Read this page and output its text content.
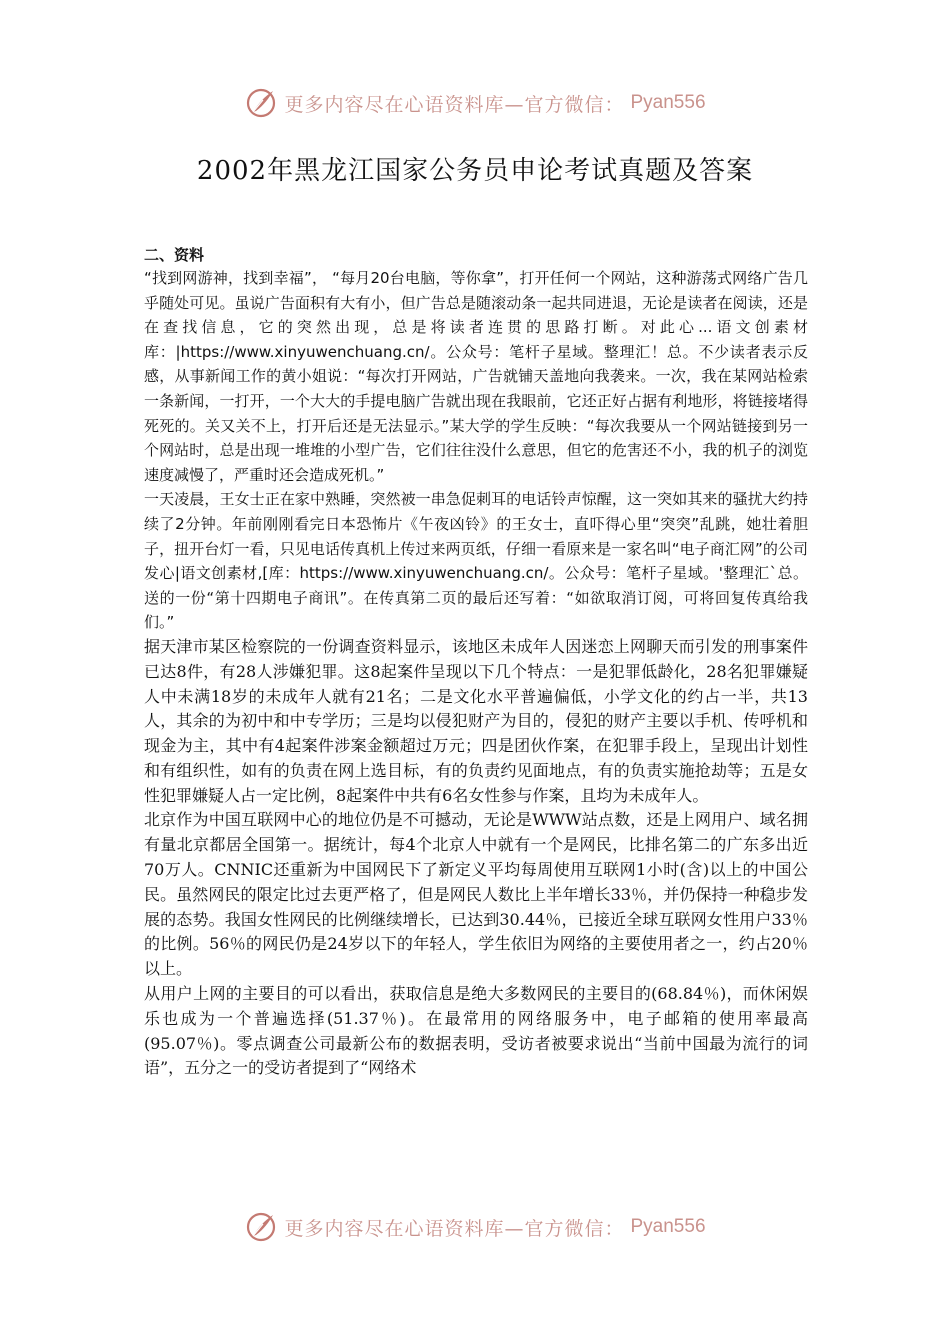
更多内容尽在心语资料库—官方微信： Pyan556
2002年黑龙江国家公务员申论考试真题及答案

二、资料

“找到网游神，找到幸福”， “每月20台电脑，等你拿”，打开任何一个网站，这种游荡式网络广告几乎随处可见。虽说广告面积有大有小，但广告总是随滚动条一起共同进退，无论是读者在阅读，还是在查找信息，它的突然出现，总是将读者连贯的思路打断。对此心...语文创素材库：|https://www.xinyuwenchuang.cn/。公众号：笔杆子星域。整理汇！总。不少读者表示反感，从事新闻工作的黄小姐说：“每次打开网站，广告就铺天盖地向我袭来。一次，我在某网站检索一条新闻，一打开，一个大大的手提电脑广告就出现在我眼前，它还正好占据有利地形，将链接堵得死死的。关又关不上，打开后还是无法显示。”某大学的学生反映：“每次我要从一个网站链接到另一个网站时，总是出现一堆堆的小型广告，它们往往没什么意思，但它的危害还不小，我的机子的浏览速度减慢了，严重时还会造成死机。”

一天凌晨，王女士正在家中熟睡，突然被一串急促刺耳的电话铃声惊醒，这一突如其来的骚扰大约持续了2分钟。年前刚刚看完日本恐怖片《午夜凶铃》的王女士，直吓得心里“突突”乱跳，她壮着胆子，扭开台灯一看，只见电话传真机上传过来两页纸，仔细一看原来是一家名叫“电子商汇网”的公司发心|语文创素材,[库：https://www.xinyuwenchuang.cn/。公众号：笔杆子星域。'整理汇`总。送的一份“第十四期电子商讯”。在传真第二页的最后还写着：“如欲取消订阅，可将回复传真给我们。”

据天津市某区检察院的一份调查资料显示，该地区未成年人因迷恋上网聊天而引发的刑事案件已达8件，有28人涉嫌犯罪。这8起案件呈现以下几个特点：一是犯罪低龄化，28名犯罪嫌疑人中未满18岁的未成年人就有21名；二是文化水平普遍偏低，小学文化的约占一半，共13人，其余的为初中和中专学历；三是均以侵犯财产为目的，侵犯的财产主要以手机、传呼机和现金为主，其中有4起案件涉案金额超过万元；四是团伙作案，在犯罪手段上，呈现出计划性和有组织性，如有的负责在网上选目标，有的负责约见面地点，有的负责实施抢劫等；五是女性犯罪嫌疑人占一定比例，8起案件中共有6名女性参与作案，且均为未成年人。

北京作为中国互联网中心的地位仍是不可撼动，无论是WWW站点数，还是上网用户、域名拥有量北京都居全国第一。据统计，每4个北京人中就有一个是网民，比排名第二的广东多出近70万人。CNNIC还重新为中国网民下了新定义平均每周使用互联网1小时(含)以上的中国公民。虽然网民的限定比过去更严格了，但是网民人数比上半年增长33％，并仍保持一种稳步发展的态势。我国女性网民的比例继续增长，已达到30.44％，已接近全球互联网女性用户33％的比例。56％的网民仍是24岁以下的年轻人，学生依旧为网络的主要使用者之一，约占20％以上。

从用户上网的主要目的可以看出，获取信息是绝大多数网民的主要目的(68.84％)，而休闲娱乐也成为一个普遍选择(51.37％)。在最常用的网络服务中，电子邮箱的使用率最高(95.07％)。零点调查公司最新公布的数据表明，受访者被要求说出“当前中国最为流行的词语”，五分之一的受访者提到了“网络术

更多内容尽在心语资料库—官方微信： Pyan556
